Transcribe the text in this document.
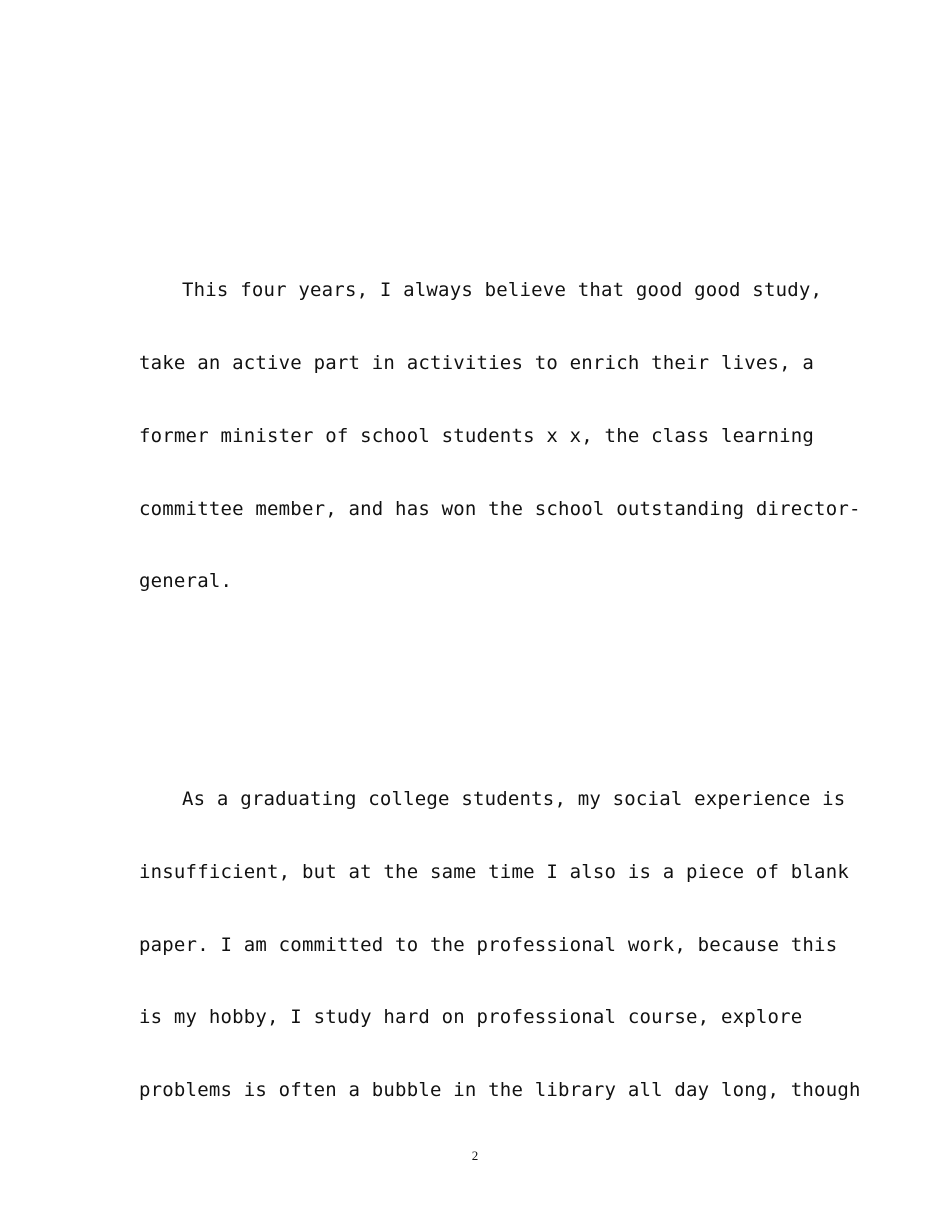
This four years, I always believe that good good study,

take an active part in activities to enrich their lives, a

former minister of school students x x, the class learning

committee member, and has won the school outstanding director-

general.

As a graduating college students, my social experience is

insufficient, but at the same time I also is a piece of blank

paper. I am committed to the professional work, because this

is my hobby, I study hard on professional course, explore

problems is often a bubble in the library all day long, though

2
